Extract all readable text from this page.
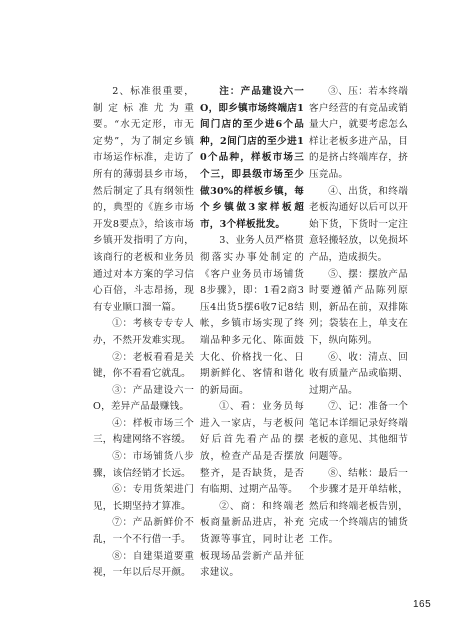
2、标准很重要，制定标准尤为重要。“水无定形，市无定势”，为了制定乡镇市场运作标准，走访了所有的薄弱县乡市场，然后制定了具有纲领性的，典型的《旌乡市场开发8要点》，给该市场乡镇开发指明了方向，该商行的老板和业务员通过对本方案的学习信心百倍，斗志昂扬，现有专业顺口溜一篇。

①：考核专专专人办，不然开发难实现。

②：老板看看是关键，你不看看它就乱。

③：产品建设六一O，差异产品最赚钱。

④：样板市场三个三，构建网络不容缓。

⑤：市场铺货八步骤，该信经销才长远。

⑥：专用货架进门见，长期坚持才算准。

⑦：产品新鲜价不乱，一个不行借一手。

⑧：自建渠道要重视，一年以后尽开颜。

注：产品建设六一O，即乡镇市场终端店1间门店的至少进6个品种，2间门店的至少进10个品种，样板市场三个三，即县级市场至少做30%的样板乡镇，每个乡镇做3家样板超市，3个样板批发。

3、业务人员严格贯彻落实办事处制定的《客户业务员市场铺货8步骤》，即：1看2商3压4出货5摆6收7记8结帐，乡镇市场实现了终端品种多元化、陈面鼓大化、价格找一化、日期新鲜化、客情和谐化的新局面。

①、看：业务员每进入一家店，与老板问好后首先看产品的摆放，检查产品是否摆放整齐，是否缺货，是否有临期、过期产品等。

②、商：和终端老板商量新品进店，补充货源等事宜，同时让老板现场品尝新产品并征求建议。

③、压：若本终端客户经营的有竞品或销量大户，就要考虑怎么样让老板多进产品，目的是挤占终端库存，挤压竞品。

④、出货，和终端老板沟通好以后可以开始下货，下货时一定注意轻搬轻放，以免损坏产品，造成损失。

⑤、摆：摆放产品时要遵循产品陈列原则，新品在前，双排陈列；袋装在上，单支在下，纵向陈列。

⑥、收：清点、回收有质量产品或临期、过期产品。

⑦、记：准备一个笔记本详细记录好终端老板的意见、其他细节问题等。

⑧、结帐：最后一个步骤才是开单结帐，然后和终端老板告别，完成一个终端店的铺货工作。

165
